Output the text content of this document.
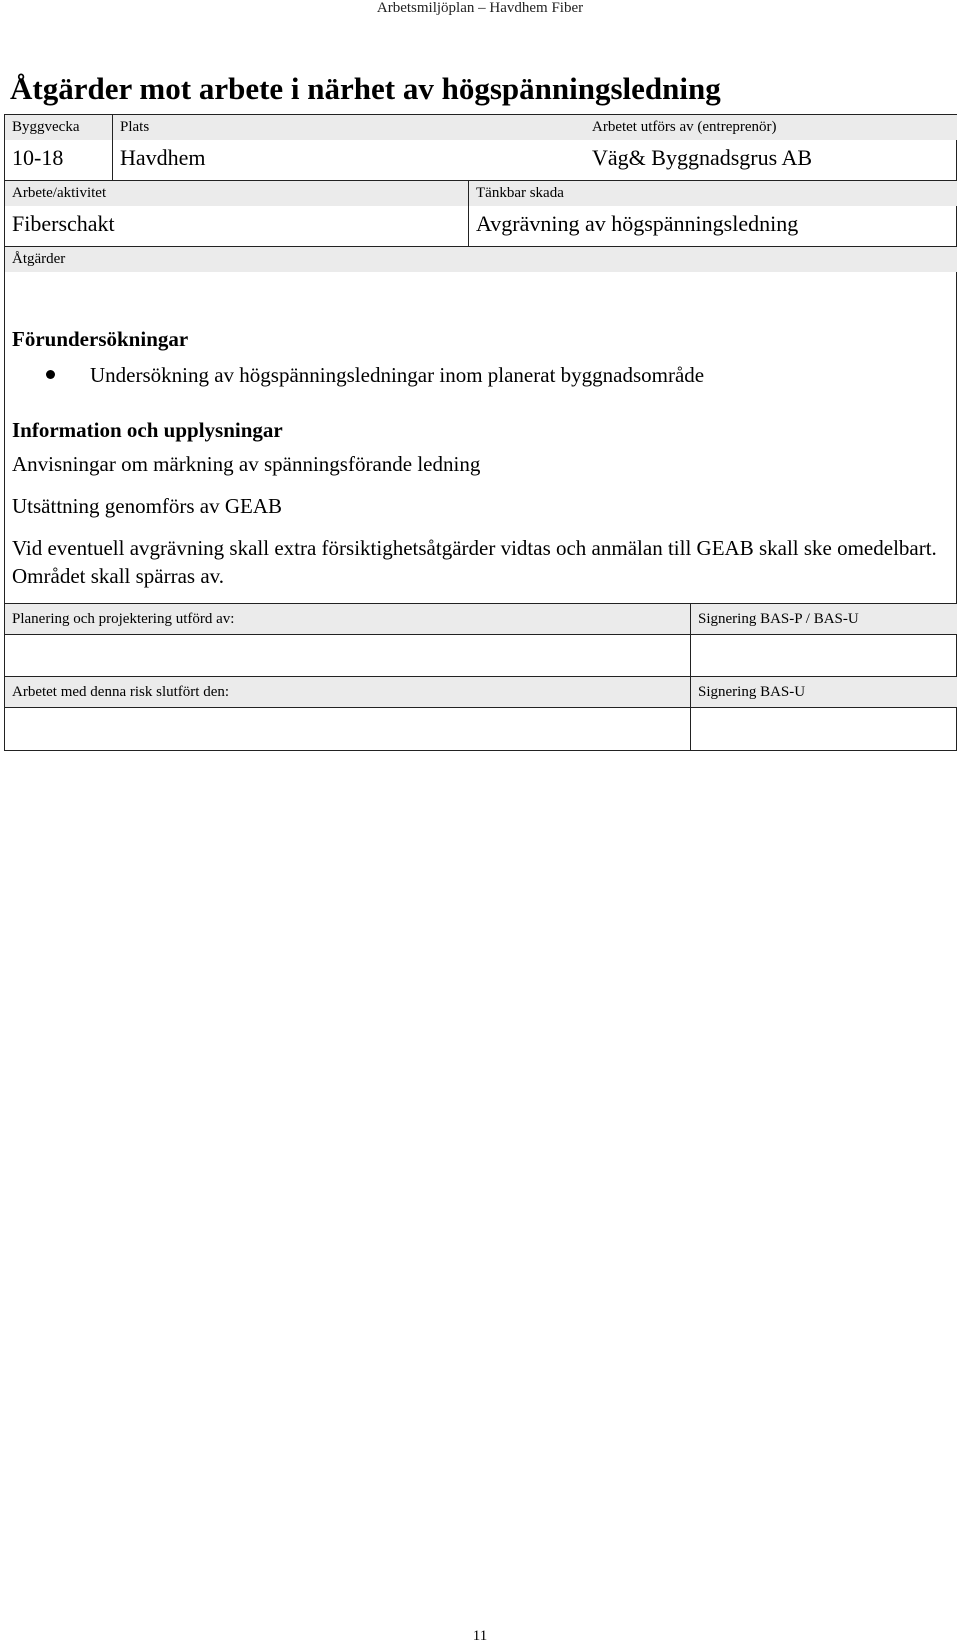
Arbetsmiljöplan – Havdhem Fiber
Åtgärder mot arbete i närhet av högspänningsledning
Byggvecka	Plats	Arbetet utförs av (entreprenör)
10-18	Havdhem	Väg& Byggnadsgrus AB
Arbete/aktivitet	Tänkbar skada
Fiberschakt	Avgrävning av högspänningsledning
Åtgärder
Förundersökningar
Undersökning av högspänningsledningar inom planerat byggnadsområde
Information och upplysningar
Anvisningar om märkning av spänningsförande ledning
Utsättning genomförs av GEAB
Vid eventuell avgrävning skall extra försiktighetsåtgärder vidtas och anmälan till GEAB skall ske omedelbart. Området skall spärras av.
Planering och projektering utförd av:	Signering BAS-P / BAS-U
Arbetet med denna risk slutfört den:	Signering BAS-U
11
